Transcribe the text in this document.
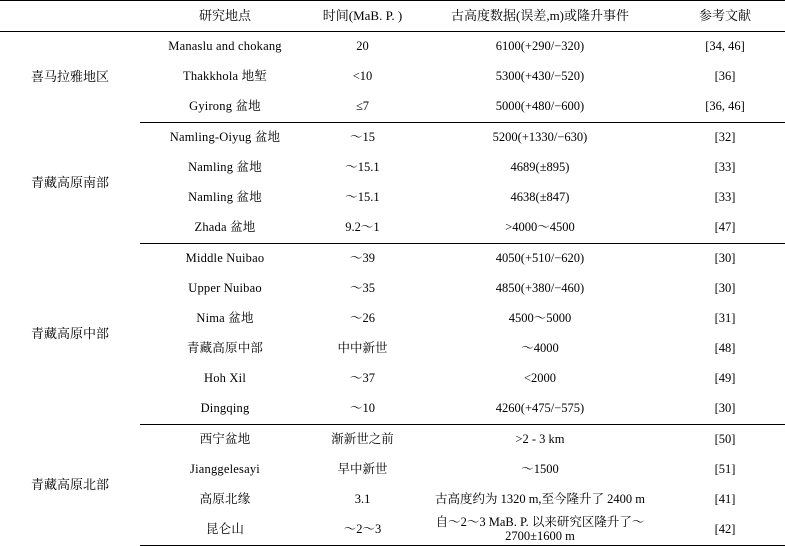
	研究地点	时间(MaB. P. )	古高度数据(误差,m)或隆升事件	参考文献
喜马拉雅地区	Manaslu and chokang	20	6100(+290/−320)	[34, 46]
	Thakkhola 地堑	<10	5300(+430/−520)	[36]
	Gyirong 盆地	≤7	5000(+480/−600)	[36, 46]
青藏高原南部	Namling-Oiyug 盆地	～15	5200(+1330/−630)	[32]
	Namling 盆地	～15.1	4689(±895)	[33]
	Namling 盆地	～15.1	4638(±847)	[33]
	Zhada 盆地	9.2～1	>4000～4500	[47]
青藏高原中部	Middle Nuibao	～39	4050(+510/−620)	[30]
	Upper Nuibao	～35	4850(+380/−460)	[30]
	Nima 盆地	～26	4500～5000	[31]
	青藏高原中部	中中新世	～4000	[48]
	Hoh Xil	～37	<2000	[49]
	Dingqing	～10	4260(+475/−575)	[30]
青藏高原北部	西宁盆地	渐新世之前	>2 - 3 km	[50]
	Jianggelesayi	早中新世	～1500	[51]
	高原北缘	3.1	古高度约为 1320 m,至今隆升了 2400 m	[41]
	昆仑山	～2～3	自～2～3 MaB. P. 以来研究区隆升了～2700±1600 m	[42]
